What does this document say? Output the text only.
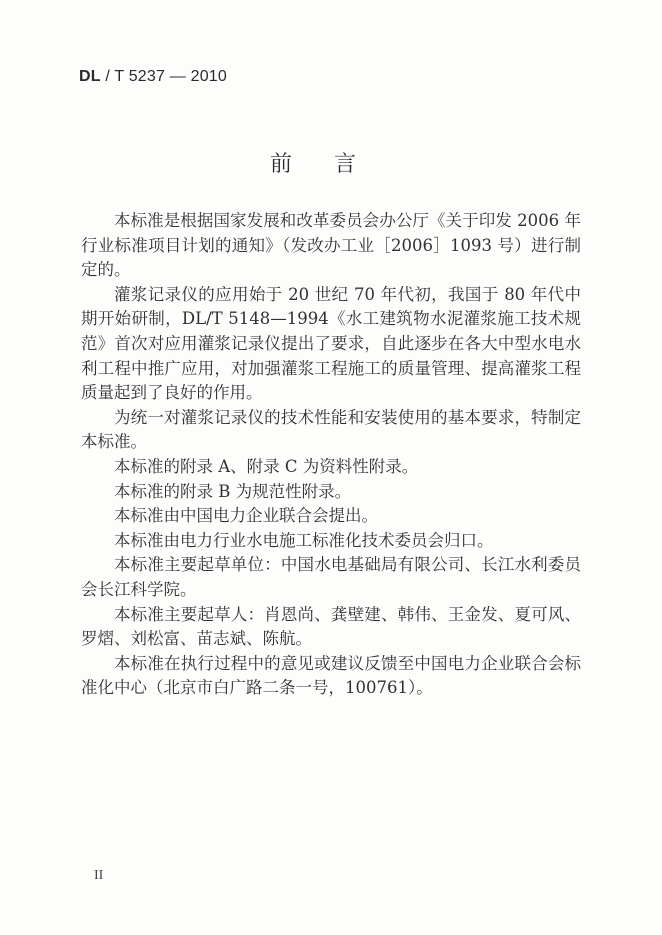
DL / T 5237 — 2010
前言

本标准是根据国家发展和改革委员会办公厅《关于印发 2006 年行业标准项目计划的通知》（发改办工业［2006］1093 号）进行制定的。

灌浆记录仪的应用始于 20 世纪 70 年代初，我国于 80 年代中期开始研制，DL/T 5148—1994《水工建筑物水泥灌浆施工技术规范》首次对应用灌浆记录仪提出了要求，自此逐步在各大中型水电水利工程中推广应用，对加强灌浆工程施工的质量管理、提高灌浆工程质量起到了良好的作用。

为统一对灌浆记录仪的技术性能和安装使用的基本要求，特制定本标准。

本标准的附录 A、附录 C 为资料性附录。

本标准的附录 B 为规范性附录。

本标准由中国电力企业联合会提出。

本标准由电力行业水电施工标准化技术委员会归口。

本标准主要起草单位：中国水电基础局有限公司、长江水利委员会长江科学院。

本标准主要起草人：肖恩尚、龚壁建、韩伟、王金发、夏可风、罗熠、刘松富、苗志斌、陈航。

本标准在执行过程中的意见或建议反馈至中国电力企业联合会标准化中心（北京市白广路二条一号，100761）。

II
